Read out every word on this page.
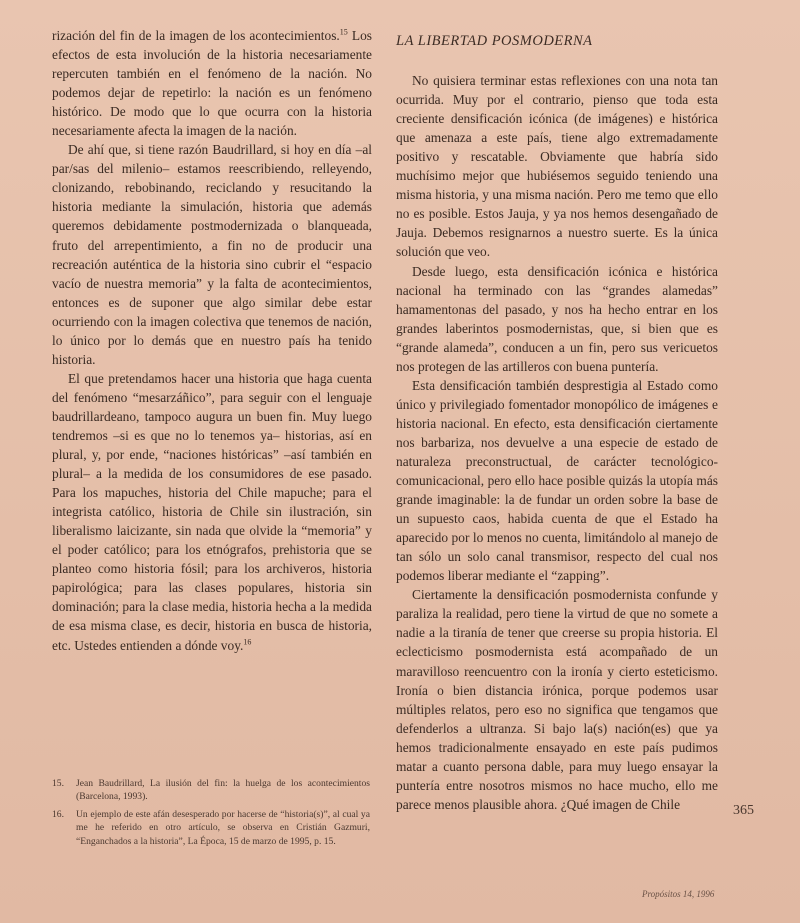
rización del fin de la imagen de los acontecimientos.$^{15}$ Los efectos de esta involución de la historia necesariamente repercuten también en el fenómeno de la nación. No podemos dejar de repetirlo: la nación es un fenómeno histórico. De modo que lo que ocurra con la historia necesariamente afecta la imagen de la nación.

De ahí que, si tiene razón Baudrillard, si hoy en día –al par/sas del milenio– estamos reescribiendo, relleyendo, clonizando, rebobinando, reciclando y resucitando la historia mediante la simulación, historia que además queremos debidamente postmodernizada o blanqueada, fruto del arrepentimiento, a fin no de producir una recreación auténtica de la historia sino cubrir el “espacio vacío de nuestra memoria” y la falta de acontecimientos, entonces es de suponer que algo similar debe estar ocurriendo con la imagen colectiva que tenemos de nación, lo único por lo demás que en nuestro país ha tenido historia.

El que pretendamos hacer una historia que haga cuenta del fenómeno “mesarzáñico”, para seguir con el lenguaje baudrillardeano, tampoco augura un buen fin. Muy luego tendremos –si es que no lo tenemos ya– historias, así en plural, y, por ende, “naciones históricas” –así también en plural– a la medida de los consumidores de ese pasado. Para los mapuches, historia del Chile mapuche; para el integrista católico, historia de Chile sin ilustración, sin liberalismo laicizante, sin nada que olvide la “memoria” y el poder católico; para los etnógrafos, prehistoria que se planteo como historia fósil; para los archiveros, historia papirológica; para las clases populares, historia sin dominación; para la clase media, historia hecha a la medida de esa misma clase, es decir, historia en busca de historia, etc. Ustedes entienden a dónde voy.$^{16}$

LA LIBERTAD POSMODERNA

No quisiera terminar estas reflexiones con una nota tan ocurrida. Muy por el contrario, pienso que toda esta creciente densificación icónica (de imágenes) e histórica que amenaza a este país, tiene algo extremadamente positivo y rescatable. Obviamente que habría sido muchísimo mejor que hubiésemos seguido teniendo una misma historia, y una misma nación. Pero me temo que ello no es posible. Estos Jauja, y ya nos hemos desengañado de Jauja. Debemos resignarnos a nuestro suerte. Es la única solución que veo.

Desde luego, esta densificación icónica e histórica nacional ha terminado con las “grandes alamedas” hamamentonas del pasado, y nos ha hecho entrar en los grandes laberintos posmodernistas, que, si bien que es “grande alameda”, conducen a un fin, pero sus vericuetos nos protegen de las artilleros con buena puntería.

Esta densificación también desprestigia al Estado como único y privilegiado fomentador monopólico de imágenes e historia nacional. En efecto, esta densificación ciertamente nos barbariza, nos devuelve a una especie de estado de naturaleza preconstructual, de carácter tecnológico-comunicacional, pero ello hace posible quizás la utopía más grande imaginable: la de fundar un orden sobre la base de un supuesto caos, habida cuenta de que el Estado ha aparecido por lo menos no cuenta, limitándolo al manejo de tan sólo un solo canal transmisor, respecto del cual nos podemos liberar mediante el “zapping”.

Ciertamente la densificación posmodernista confunde y paraliza la realidad, pero tiene la virtud de que no somete a nadie a la tiranía de tener que creerse su propia historia. El eclecticismo posmodernista está acompañado de un maravilloso reencuentro con la ironía y cierto esteticismo. Ironía o bien distancia irónica, porque podemos usar múltiples relatos, pero eso no significa que tengamos que defenderlos a ultranza. Si bajo la(s) nación(es) que ya hemos tradicionalmente ensayado en este país pudimos matar a cuanto persona dable, para muy luego ensayar la puntería entre nosotros mismos no hace mucho, ello me parece menos plausible ahora. ¿Qué imagen de Chile

15.	Jean Baudrillard, La ilusión del fin: la huelga de los acontecimientos (Barcelona, 1993).
16.	Un ejemplo de este afán desesperado por hacerse de “historia(s)”, al cual ya me he referido en otro artículo, se observa en Cristián Gazmuri, “Enganchados a la historia”, La Época, 15 de marzo de 1995, p. 15.
365
Propósitos 14, 1996
